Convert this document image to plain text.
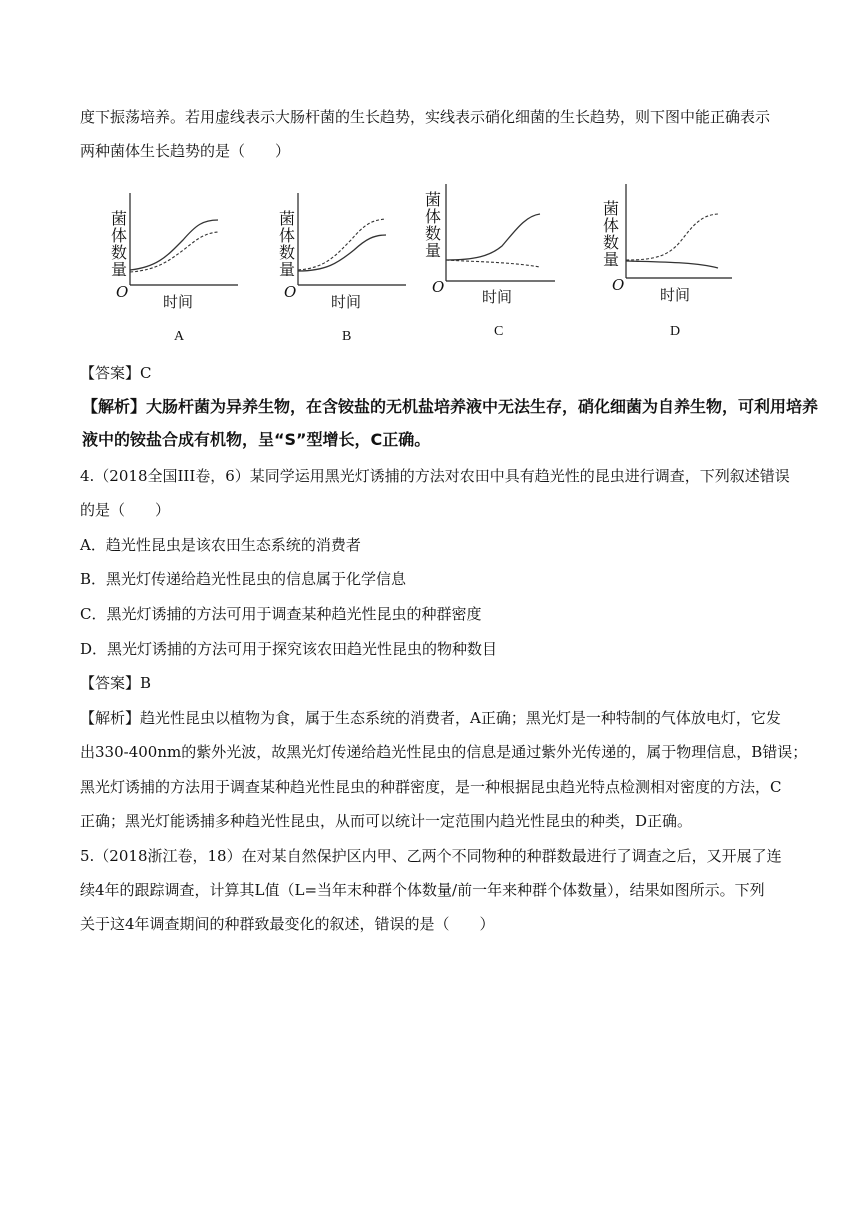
度下振荡培养。若用虚线表示大肠杆菌的生长趋势，实线表示硝化细菌的生长趋势，则下图中能正确表示
两种菌体生长趋势的是（　　）
菌
体
数
量
O
时间
A
菌
体
数
量
O
时间
B
菌
体
数
量
O
时间
C
菌
体
数
量
O
时间
D
【答案】C
【解析】大肠杆菌为异养生物，在含铵盐的无机盐培养液中无法生存，硝化细菌为自养生物，可利用培养
液中的铵盐合成有机物，呈“S”型增长，C正确。
4.（2018全国III卷，6）某同学运用黑光灯诱捕的方法对农田中具有趋光性的昆虫进行调查，下列叙述错误
的是（　　）
A．趋光性昆虫是该农田生态系统的消费者
B．黑光灯传递给趋光性昆虫的信息属于化学信息
C．黑光灯诱捕的方法可用于调查某种趋光性昆虫的种群密度
D．黑光灯诱捕的方法可用于探究该农田趋光性昆虫的物种数目
【答案】B
【解析】趋光性昆虫以植物为食，属于生态系统的消费者，A正确；黑光灯是一种特制的气体放电灯，它发
出330-400nm的紫外光波，故黑光灯传递给趋光性昆虫的信息是通过紫外光传递的，属于物理信息，B错误；
黑光灯诱捕的方法用于调查某种趋光性昆虫的种群密度，是一种根据昆虫趋光特点检测相对密度的方法，C
正确；黑光灯能诱捕多种趋光性昆虫，从而可以统计一定范围内趋光性昆虫的种类，D正确。
5.（2018浙江卷，18）在对某自然保护区内甲、乙两个不同物种的种群数最进行了调查之后，又开展了连
续4年的跟踪调查，计算其L值（L=当年末种群个体数量/前一年来种群个体数量），结果如图所示。下列
关于这4年调查期间的种群致最变化的叙述，错误的是（　　）
